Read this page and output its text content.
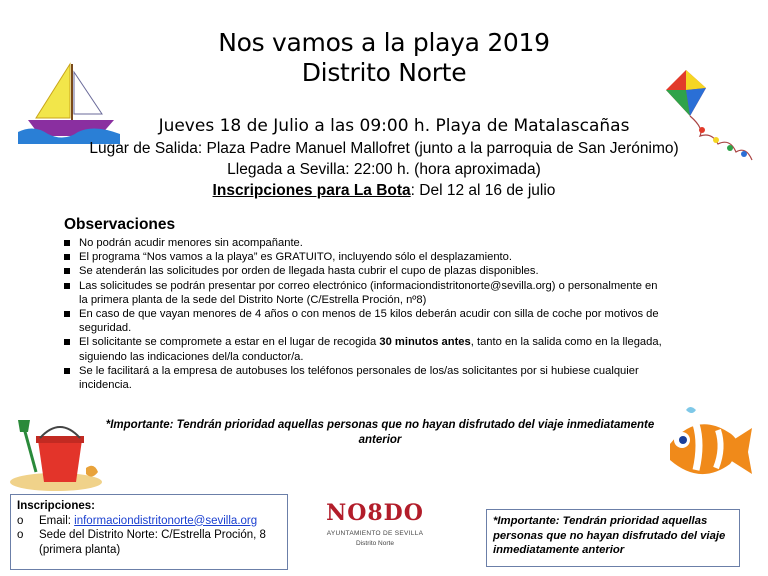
Nos vamos a la playa 2019
Distrito Norte
Jueves 18 de Julio a las 09:00 h. Playa de Matalascañas
Lugar de Salida: Plaza Padre Manuel Mallofret (junto a la parroquia de San Jerónimo)
Llegada a Sevilla: 22:00 h. (hora aproximada)
Inscripciones para La Bota: Del 12 al 16 de julio
Observaciones
No podrán acudir menores sin acompañante.
El programa “Nos vamos a la playa” es GRATUITO, incluyendo sólo el desplazamiento.
Se atenderán las solicitudes por orden de llegada hasta cubrir el cupo de plazas disponibles.
Las solicitudes se podrán presentar por correo electrónico (informaciondistritonorte@sevilla.org) o personalmente en la primera planta de la sede del Distrito Norte (C/Estrella Proción, nº8)
En caso de que vayan menores de 4 años o con menos de 15 kilos deberán acudir con silla de coche por motivos de seguridad.
El solicitante se compromete a estar en el lugar de recogida 30 minutos antes, tanto en la salida como en la llegada, siguiendo las indicaciones del/la conductor/a.
Se le facilitará a la empresa de autobuses los teléfonos personales de los/as solicitantes por si hubiese cualquier incidencia.
*Importante: Tendrán prioridad aquellas personas que no hayan disfrutado del viaje inmediatamente anterior
Inscripciones:
o Email: informaciondistritonorte@sevilla.org
o Sede del Distrito Norte: C/Estrella Proción, 8 (primera planta)
NO8DO
AYUNTAMIENTO DE SEVILLA
Distrito Norte
*Importante: Tendrán prioridad aquellas personas que no hayan disfrutado del viaje inmediatamente anterior
